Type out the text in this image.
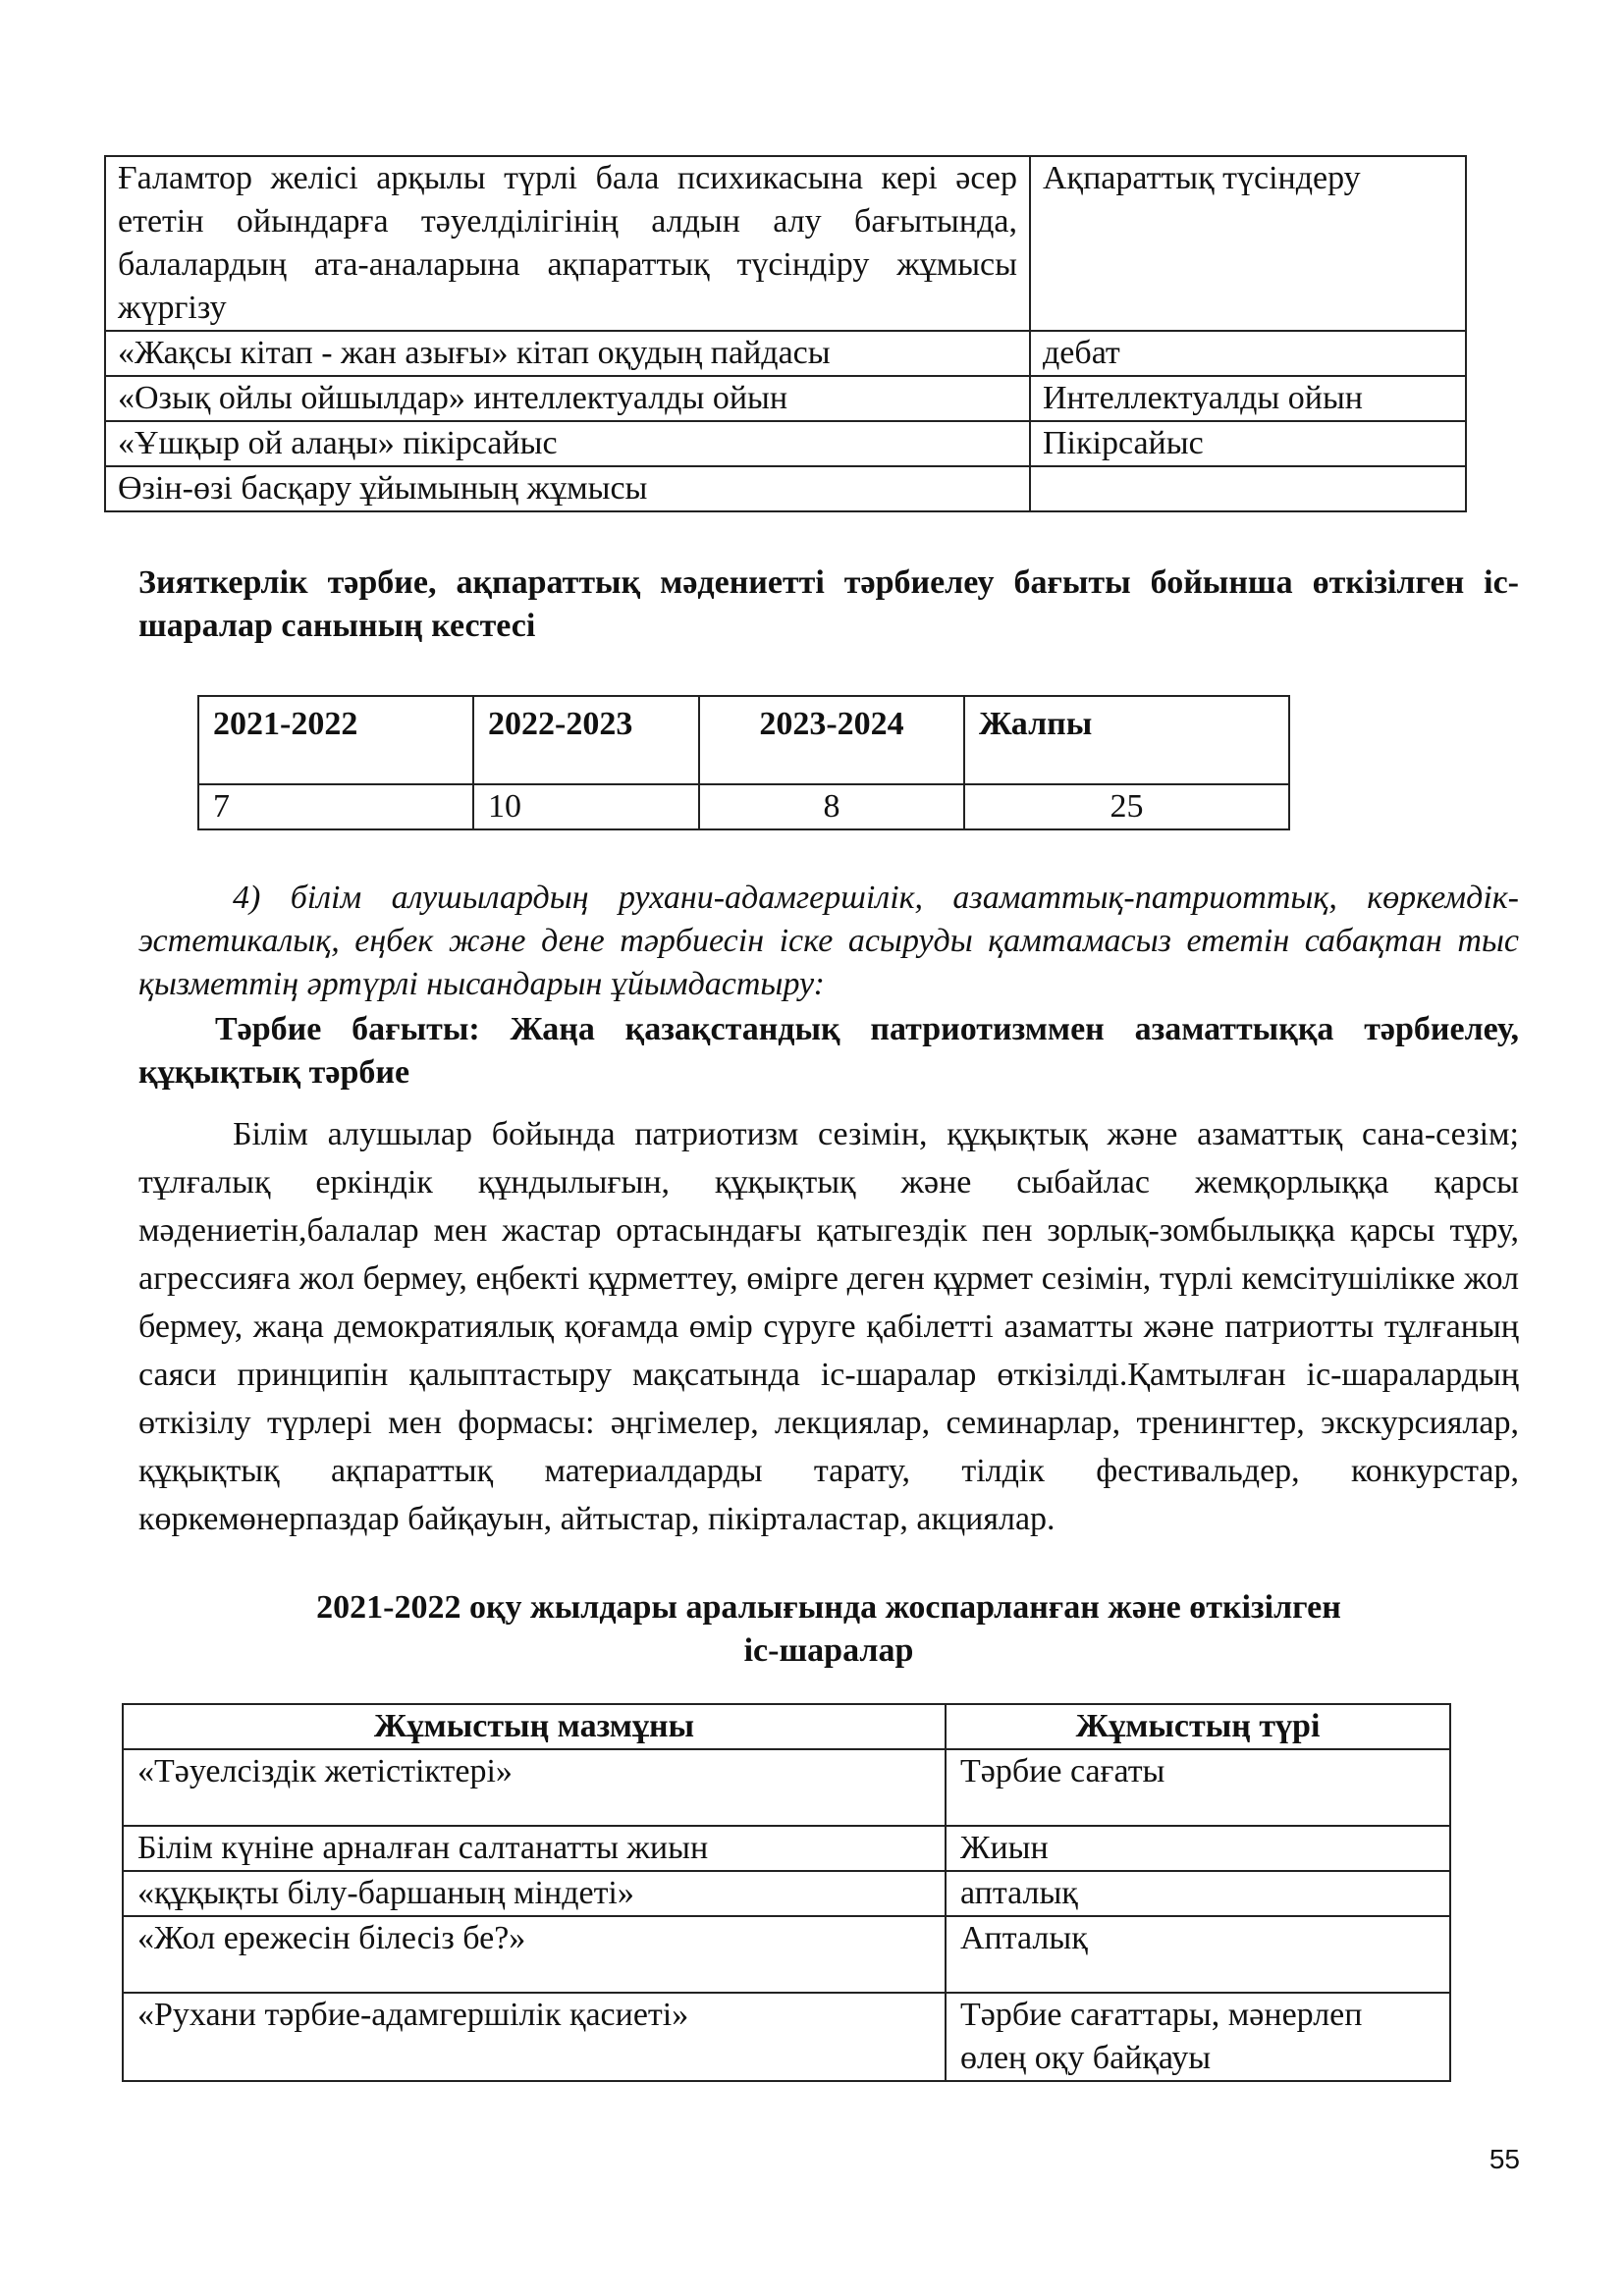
Ғаламтор желісі арқылы түрлі бала психикасына кері әсер ететін ойындарға тәуелділігінің алдын алу бағытында, балалардың ата-аналарына ақпараттық түсіндіру жұмысы жүргізу	Ақпараттық түсіндеру
«Жақсы кітап - жан азығы» кітап оқудың пайдасы	дебат
«Озық ойлы ойшылдар» интеллектуалды ойын	Интеллектуалды ойын
«Ұшқыр ой алаңы» пікірсайыс	Пікірсайыс
Өзін-өзі басқару ұйымының жұмысы	
Зияткерлік тәрбие, ақпараттық мәдениетті тәрбиелеу бағыты бойынша өткізілген іс-шаралар санының кестесі
2021-2022	2022-2023	2023-2024	Жалпы
7	10	8	25
4) білім алушылардың рухани-адамгершілік, азаматтық-патриоттық, көркемдік-эстетикалық, еңбек және дене тәрбиесін іске асыруды қамтамасыз ететін сабақтан тыс қызметтің әртүрлі нысандарын ұйымдастыру:
Тәрбие бағыты: Жаңа қазақстандық патриотизммен азаматтыққа тәрбиелеу, құқықтық тәрбие
Білім алушылар бойында патриотизм сезімін, құқықтық және азаматтық сана-сезім; тұлғалық еркіндік құндылығын, құқықтық және сыбайлас жемқорлыққа қарсы мәдениетін,балалар мен жастар ортасындағы қатыгездік пен зорлық-зомбылыққа қарсы тұру, агрессияға жол бермеу, еңбекті құрметтеу, өмірге деген құрмет сезімін, түрлі кемсітушілікке жол бермеу, жаңа демократиялық қоғамда өмір сүруге қабілетті азаматты және патриотты тұлғаның саяси принципін қалыптастыру мақсатында іс-шаралар өткізілді.Қамтылған іс-шаралардың өткізілу түрлері мен формасы: әңгімелер, лекциялар, семинарлар, тренингтер, экскурсиялар, құқықтық ақпараттық материалдарды тарату, тілдік фестивальдер, конкурстар, көркемөнерпаздар байқауын, айтыстар, пікірталастар, акциялар.
2021-2022 оқу жылдары аралығында жоспарланған және өткізілген
іс-шаралар
Жұмыстың мазмұны	Жұмыстың түрі
«Тәуелсіздік жетістіктері»	Тәрбие сағаты
Білім күніне арналған салтанатты жиын	Жиын
«құқықты білу-баршаның міндеті»	апталық
«Жол ережесін білесіз бе?»	Апталық
«Рухани тәрбие-адамгершілік қасиеті»	Тәрбие сағаттары, мәнерлеп өлең оқу байқауы
55
